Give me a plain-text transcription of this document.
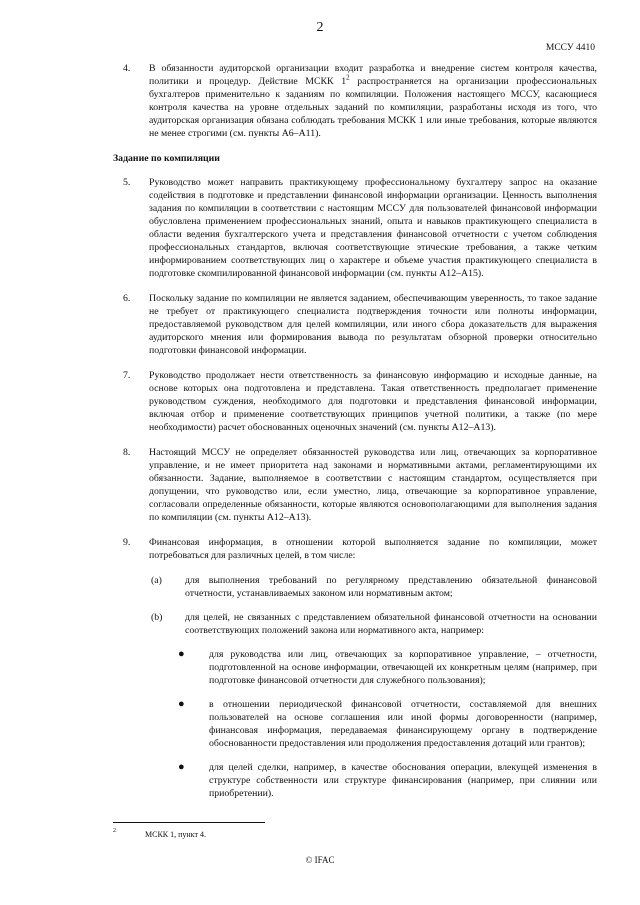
2
МССУ 4410
4. В обязанности аудиторской организации входит разработка и внедрение систем контроля качества, политики и процедур. Действие МСКК $1^2$ распространяется на организации профессиональных бухгалтеров применительно к заданиям по компиляции. Положения настоящего МССУ, касающиеся контроля качества на уровне отдельных заданий по компиляции, разработаны исходя из того, что аудиторская организация обязана соблюдать требования МСКК 1 или иные требования, которые являются не менее строгими (см. пункты А6–А11).
Задание по компиляции
5. Руководство может направить практикующему профессиональному бухгалтеру запрос на оказание содействия в подготовке и представлении финансовой информации организации. Ценность выполнения задания по компиляции в соответствии с настоящим МССУ для пользователей финансовой информации обусловлена применением профессиональных знаний, опыта и навыков практикующего специалиста в области ведения бухгалтерского учета и представления финансовой отчетности с учетом соблюдения профессиональных стандартов, включая соответствующие этические требования, а также четким информированием соответствующих лиц о характере и объеме участия практикующего специалиста в подготовке скомпилированной финансовой информации (см. пункты А12–А15).
6. Поскольку задание по компиляции не является заданием, обеспечивающим уверенность, то такое задание не требует от практикующего специалиста подтверждения точности или полноты информации, предоставляемой руководством для целей компиляции, или иного сбора доказательств для выражения аудиторского мнения или формирования вывода по результатам обзорной проверки относительно подготовки финансовой информации.
7. Руководство продолжает нести ответственность за финансовую информацию и исходные данные, на основе которых она подготовлена и представлена. Такая ответственность предполагает применение руководством суждения, необходимого для подготовки и представления финансовой информации, включая отбор и применение соответствующих принципов учетной политики, а также (по мере необходимости) расчет обоснованных оценочных значений (см. пункты А12–А13).
8. Настоящий МССУ не определяет обязанностей руководства или лиц, отвечающих за корпоративное управление, и не имеет приоритета над законами и нормативными актами, регламентирующими их обязанности. Задание, выполняемое в соответствии с настоящим стандартом, осуществляется при допущении, что руководство или, если уместно, лица, отвечающие за корпоративное управление, согласовали определенные обязанности, которые являются основополагающими для выполнения задания по компиляции (см. пункты А12–А13).
9. Финансовая информация, в отношении которой выполняется задание по компиляции, может потребоваться для различных целей, в том числе:
(a) для выполнения требований по регулярному представлению обязательной финансовой отчетности, устанавливаемых законом или нормативным актом;
(b) для целей, не связанных с представлением обязательной финансовой отчетности на основании соответствующих положений закона или нормативного акта, например:
● для руководства или лиц, отвечающих за корпоративное управление, – отчетности, подготовленной на основе информации, отвечающей их конкретным целям (например, при подготовке финансовой отчетности для служебного пользования);
● в отношении периодической финансовой отчетности, составляемой для внешних пользователей на основе соглашения или иной формы договоренности (например, финансовая информация, передаваемая финансирующему органу в подтверждение обоснованности предоставления или продолжения предоставления дотаций или грантов);
● для целей сделки, например, в качестве обоснования операции, влекущей изменения в структуре собственности или структуре финансирования (например, при слиянии или приобретении).
2	МСКК 1, пункт 4.
© IFAC
